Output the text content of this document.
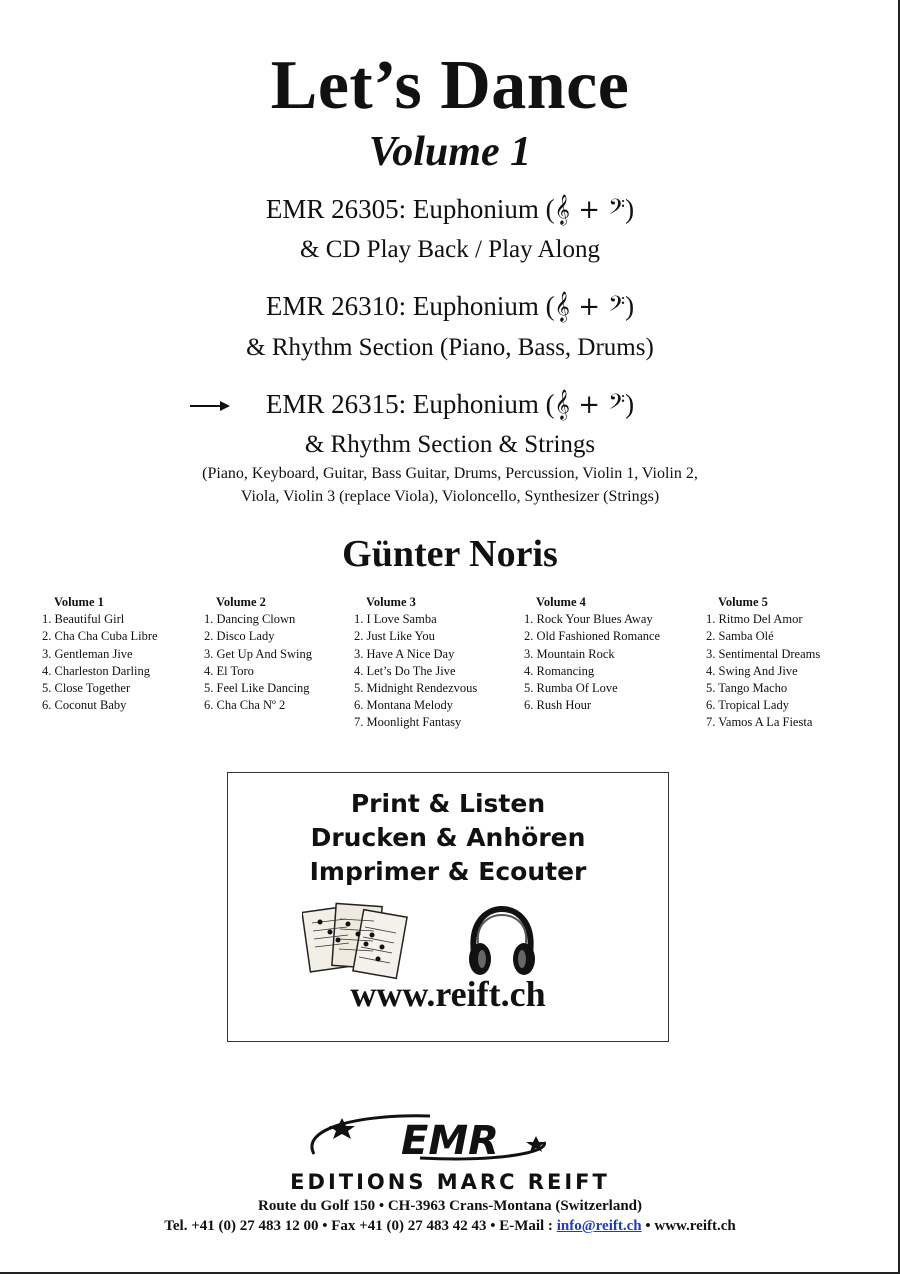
Let’s Dance
Volume 1
EMR 26305: Euphonium (𝄞 + 𝄢)
& CD Play Back / Play Along
EMR 26310: Euphonium (𝄞 + 𝄢)
& Rhythm Section (Piano, Bass, Drums)
EMR 26315: Euphonium (𝄞 + 𝄢)
& Rhythm Section & Strings
(Piano, Keyboard, Guitar, Bass Guitar, Drums, Percussion, Violin 1, Violin 2,
Viola, Violin 3 (replace Viola), Violoncello, Synthesizer (Strings)
Günter Noris
Volume 1
1. Beautiful Girl
2. Cha Cha Cuba Libre
3. Gentleman Jive
4. Charleston Darling
5. Close Together
6. Coconut Baby
Volume 2
1. Dancing Clown
2. Disco Lady
3. Get Up And Swing
4. El Toro
5. Feel Like Dancing
6. Cha Cha Nº 2
Volume 3
1. I Love Samba
2. Just Like You
3. Have A Nice Day
4. Let’s Do The Jive
5. Midnight Rendezvous
6. Montana Melody
7. Moonlight Fantasy
Volume 4
1. Rock Your Blues Away
2. Old Fashioned Romance
3. Mountain Rock
4. Romancing
5. Rumba Of Love
6. Rush Hour
Volume 5
1. Ritmo Del Amor
2. Samba Olé
3. Sentimental Dreams
4. Swing And Jive
5. Tango Macho
6. Tropical Lady
7. Vamos A La Fiesta
Print & Listen
Drucken & Anhören
Imprimer & Ecouter
www.reift.ch
EMR
EDITIONS MARC REIFT
Route du Golf 150 • CH-3963 Crans-Montana (Switzerland)
Tel. +41 (0) 27 483 12 00 • Fax +41 (0) 27 483 42 43 • E-Mail : info@reift.ch • www.reift.ch
